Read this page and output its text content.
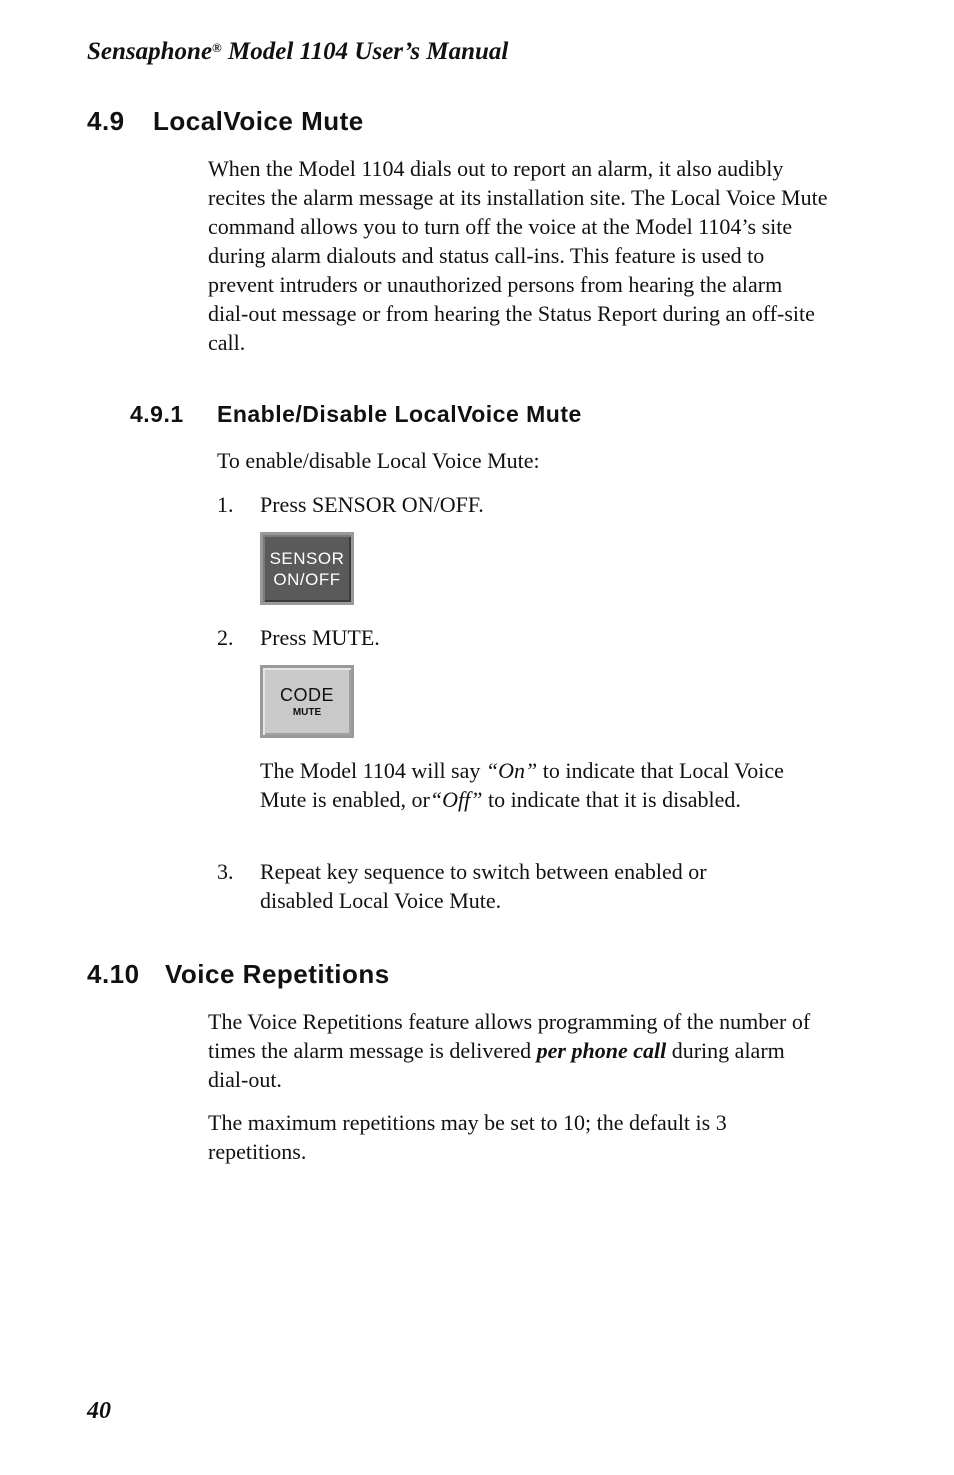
Sensaphone® Model 1104 User’s Manual
4.9 LocalVoice Mute

When the Model 1104 dials out to report an alarm, it also audibly recites the alarm message at its installation site. The Local Voice Mute command allows you to turn off the voice at the Model 1104’s site during alarm dialouts and status call-ins. This feature is used to prevent intruders or unauthorized persons from hearing the alarm dial-out message or from hearing the Status Report during an off-site call.

4.9.1 Enable/Disable LocalVoice Mute

To enable/disable Local Voice Mute:

1. Press SENSOR ON/OFF.

SENSOR
ON/OFF
2. Press MUTE.

CODE
MUTE

The Model 1104 will say “On” to indicate that Local Voice Mute is enabled, or“Off” to indicate that it is disabled.

3. Repeat key sequence to switch between enabled or disabled Local Voice Mute.

4.10 Voice Repetitions

The Voice Repetitions feature allows programming of the number of times the alarm message is delivered per phone call during alarm dial-out.

The maximum repetitions may be set to 10; the default is 3 repetitions.

40
